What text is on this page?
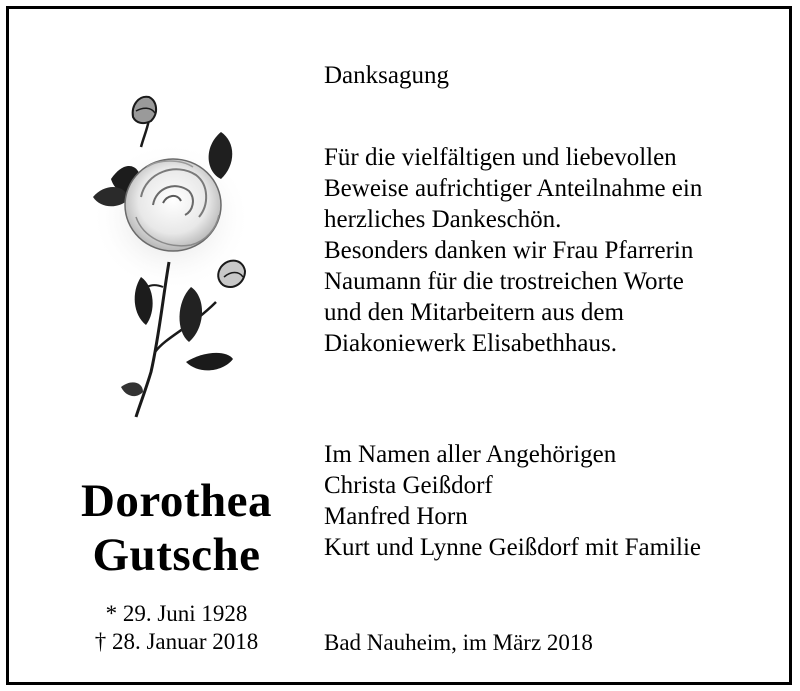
Dorothea
Gutsche
* 29. Juni 1928
† 28. Januar 2018
Danksagung
Für die vielfältigen und liebevollen
Beweise aufrichtiger Anteilnahme ein
herzliches Dankeschön.
Besonders danken wir Frau Pfarrerin
Naumann für die trostreichen Worte
und den Mitarbeitern aus dem
Diakoniewerk Elisabethhaus.
Im Namen aller Angehörigen
Christa Geißdorf
Manfred Horn
Kurt und Lynne Geißdorf mit Familie
Bad Nauheim, im März 2018
